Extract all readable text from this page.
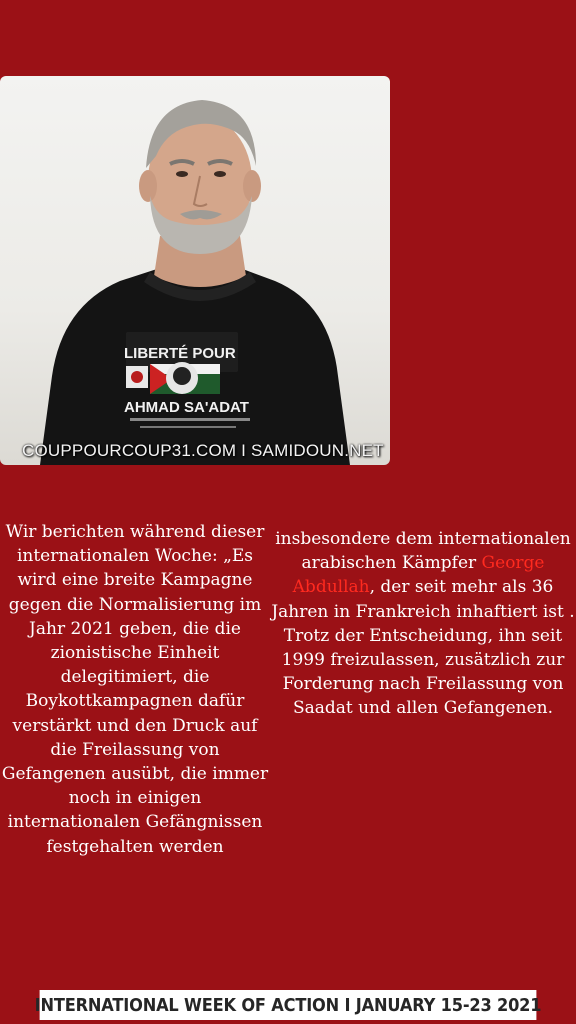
LIBERTÉ POUR
AHMAD SA'ADAT
COUPPOURCOUP31.COM I SAMIDOUN.NET

Wir berichten während dieser internationalen Woche: „Es wird eine breite Kampagne gegen die Normalisierung im Jahr 2021 geben, die die zionistische Einheit delegitimiert, die Boykottkampagnen dafür verstärkt und den Druck auf die Freilassung von Gefangenen ausübt, die immer noch in einigen internationalen Gefängnissen festgehalten werden

insbesondere dem internationalen arabischen Kämpfer George Abdullah, der seit mehr als 36 Jahren in Frankreich inhaftiert ist . Trotz der Entscheidung, ihn seit 1999 freizulassen, zusätzlich zur Forderung nach Freilassung von Saadat und allen Gefangenen.

INTERNATIONAL WEEK OF ACTION I JANUARY 15-23 2021
